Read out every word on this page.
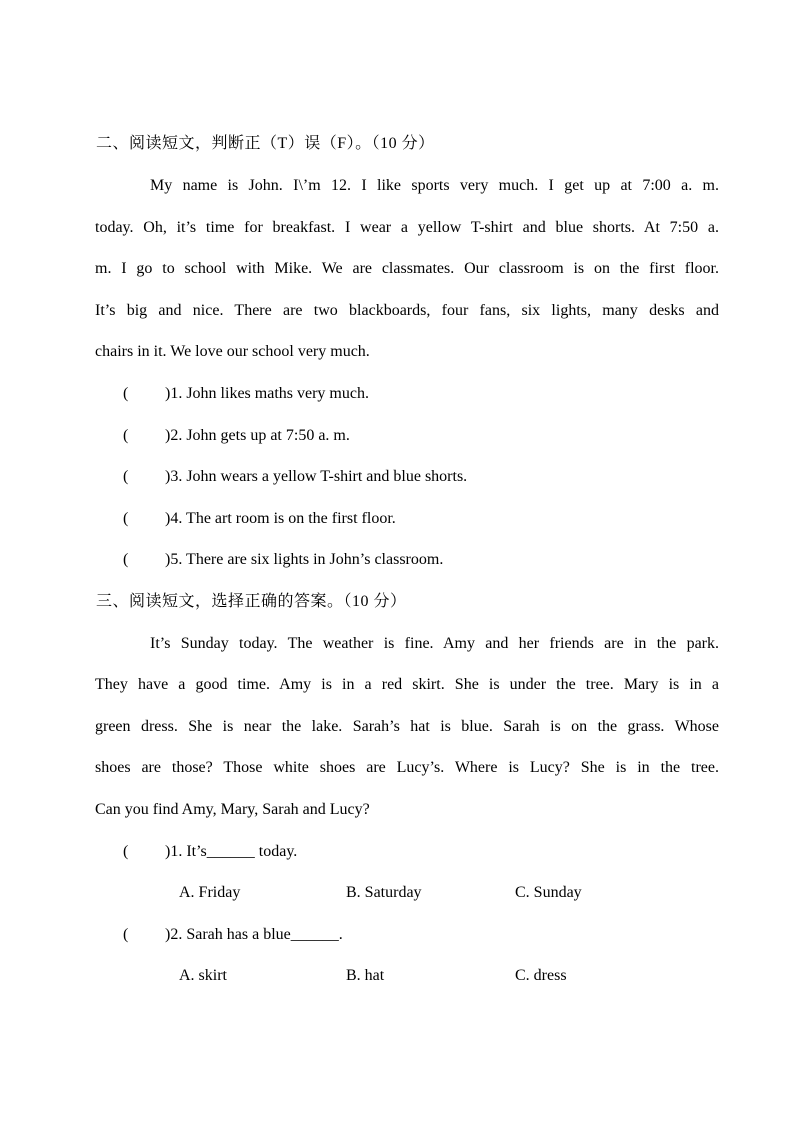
二、阅读短文，判断正（T）误（F）。（10 分）
My name is John. I\’m 12. I like sports very much. I get up at 7:00 a. m.
today. Oh, it’s time for breakfast. I wear a yellow T-shirt and blue shorts. At 7:50 a.
m. I go to school with Mike. We are classmates. Our classroom is on the first floor.
It’s big and nice. There are two blackboards, four fans, six lights, many desks and
chairs in it. We love our school very much.
( )1. John likes maths very much.
( )2. John gets up at 7:50 a. m.
( )3. John wears a yellow T-shirt and blue shorts.
( )4. The art room is on the first floor.
( )5. There are six lights in John’s classroom.
三、阅读短文，选择正确的答案。（10 分）
It’s Sunday today. The weather is fine. Amy and her friends are in the park.
They have a good time. Amy is in a red skirt. She is under the tree. Mary is in a
green dress. She is near the lake. Sarah’s hat is blue. Sarah is on the grass. Whose
shoes are those? Those white shoes are Lucy’s. Where is Lucy? She is in the tree.
Can you find Amy, Mary, Sarah and Lucy?
( )1. It’s______ today.
A. Friday	B. Saturday	C. Sunday
( )2. Sarah has a blue______.
A. skirt	B. hat	C. dress
